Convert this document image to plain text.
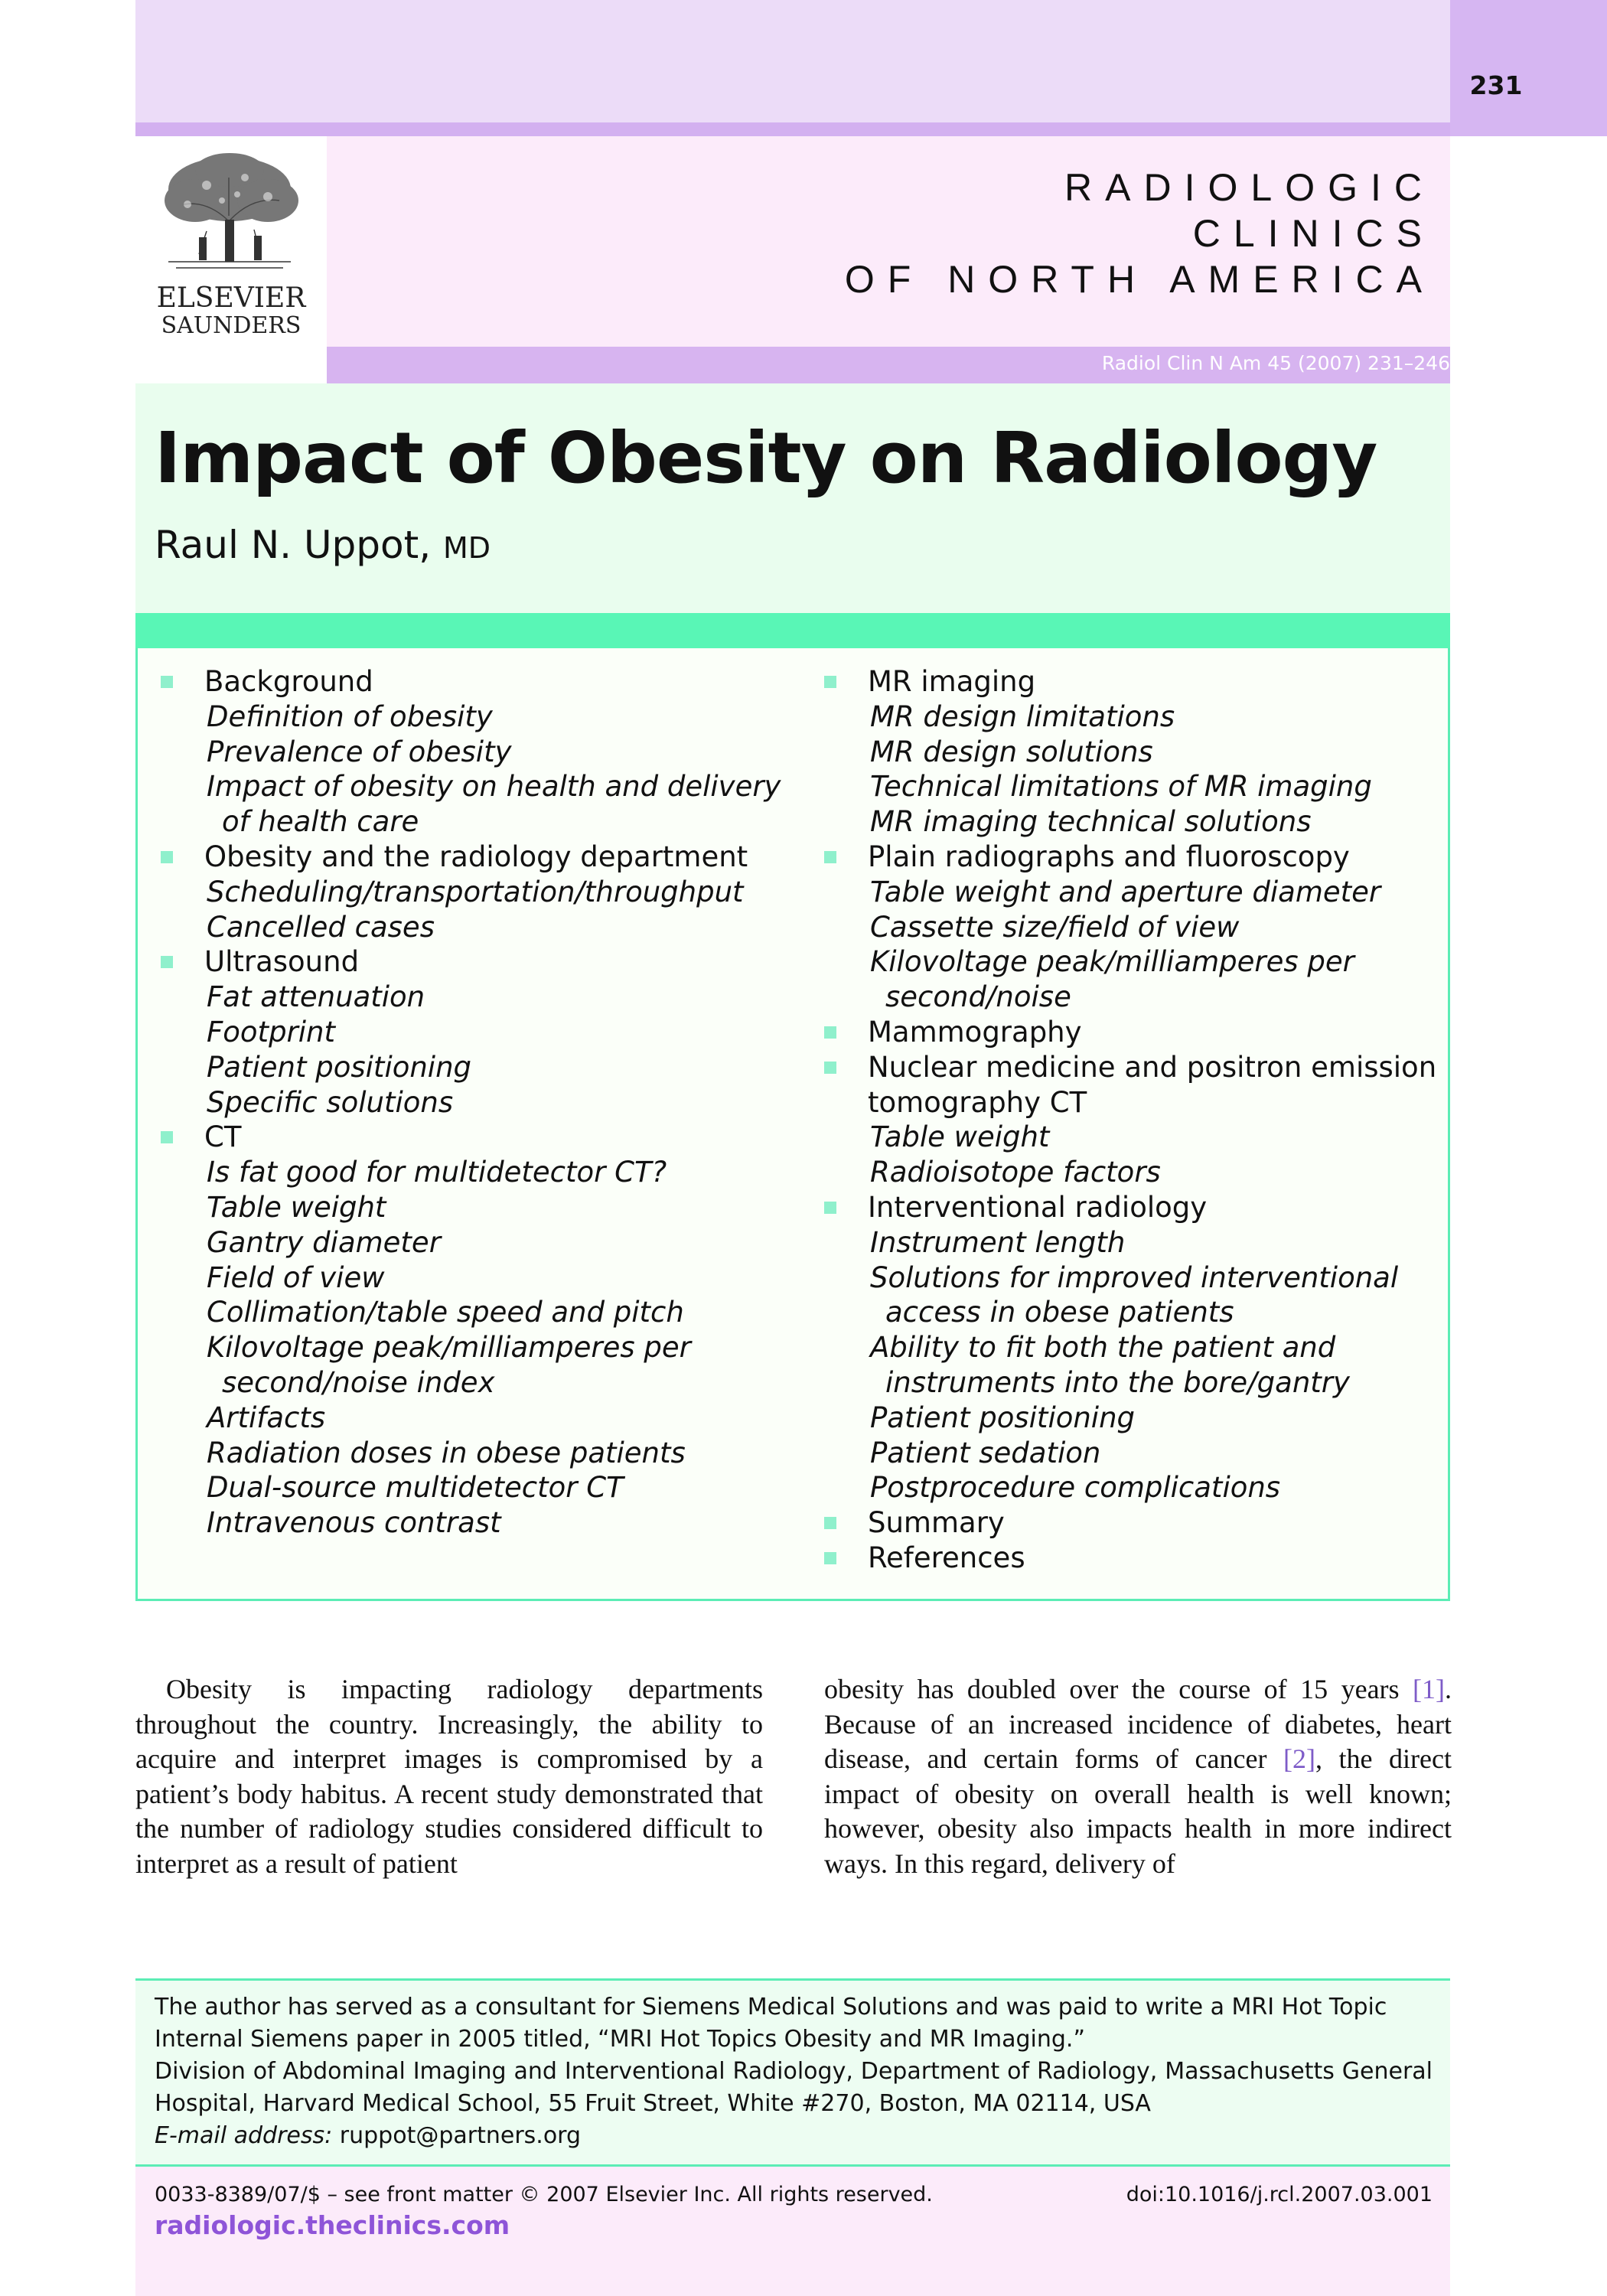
231
ELSEVIER
SAUNDERS
RADIOLOGIC
CLINICS
OF NORTH AMERICA
Radiol Clin N Am 45 (2007) 231–246
Impact of Obesity on Radiology
Raul N. Uppot, MD
Background
Definition of obesity
Prevalence of obesity
Impact of obesity on health and delivery of health care
Obesity and the radiology department
Scheduling/transportation/throughput
Cancelled cases
Ultrasound
Fat attenuation
Footprint
Patient positioning
Specific solutions
CT
Is fat good for multidetector CT?
Table weight
Gantry diameter
Field of view
Collimation/table speed and pitch
Kilovoltage peak/milliamperes per second/noise index
Artifacts
Radiation doses in obese patients
Dual-source multidetector CT
Intravenous contrast
MR imaging
MR design limitations
MR design solutions
Technical limitations of MR imaging
MR imaging technical solutions
Plain radiographs and fluoroscopy
Table weight and aperture diameter
Cassette size/field of view
Kilovoltage peak/milliamperes per second/noise
Mammography
Nuclear medicine and positron emission tomography CT
Table weight
Radioisotope factors
Interventional radiology
Instrument length
Solutions for improved interventional access in obese patients
Ability to fit both the patient and instruments into the bore/gantry
Patient positioning
Patient sedation
Postprocedure complications
Summary
References

Obesity is impacting radiology departments throughout the country. Increasingly, the ability to acquire and interpret images is compromised by a patient’s body habitus. A recent study demonstrated that the number of radiology studies considered difficult to interpret as a result of patient

obesity has doubled over the course of 15 years [1]. Because of an increased incidence of diabetes, heart disease, and certain forms of cancer [2], the direct impact of obesity on overall health is well known; however, obesity also impacts health in more indirect ways. In this regard, delivery of

The author has served as a consultant for Siemens Medical Solutions and was paid to write a MRI Hot Topic Internal Siemens paper in 2005 titled, “MRI Hot Topics Obesity and MR Imaging.”

Division of Abdominal Imaging and Interventional Radiology, Department of Radiology, Massachusetts General Hospital, Harvard Medical School, 55 Fruit Street, White #270, Boston, MA 02114, USA

E-mail address: ruppot@partners.org

0033-8389/07/$ – see front matter © 2007 Elsevier Inc. All rights reserved.	doi:10.1016/j.rcl.2007.03.001
radiologic.theclinics.com
